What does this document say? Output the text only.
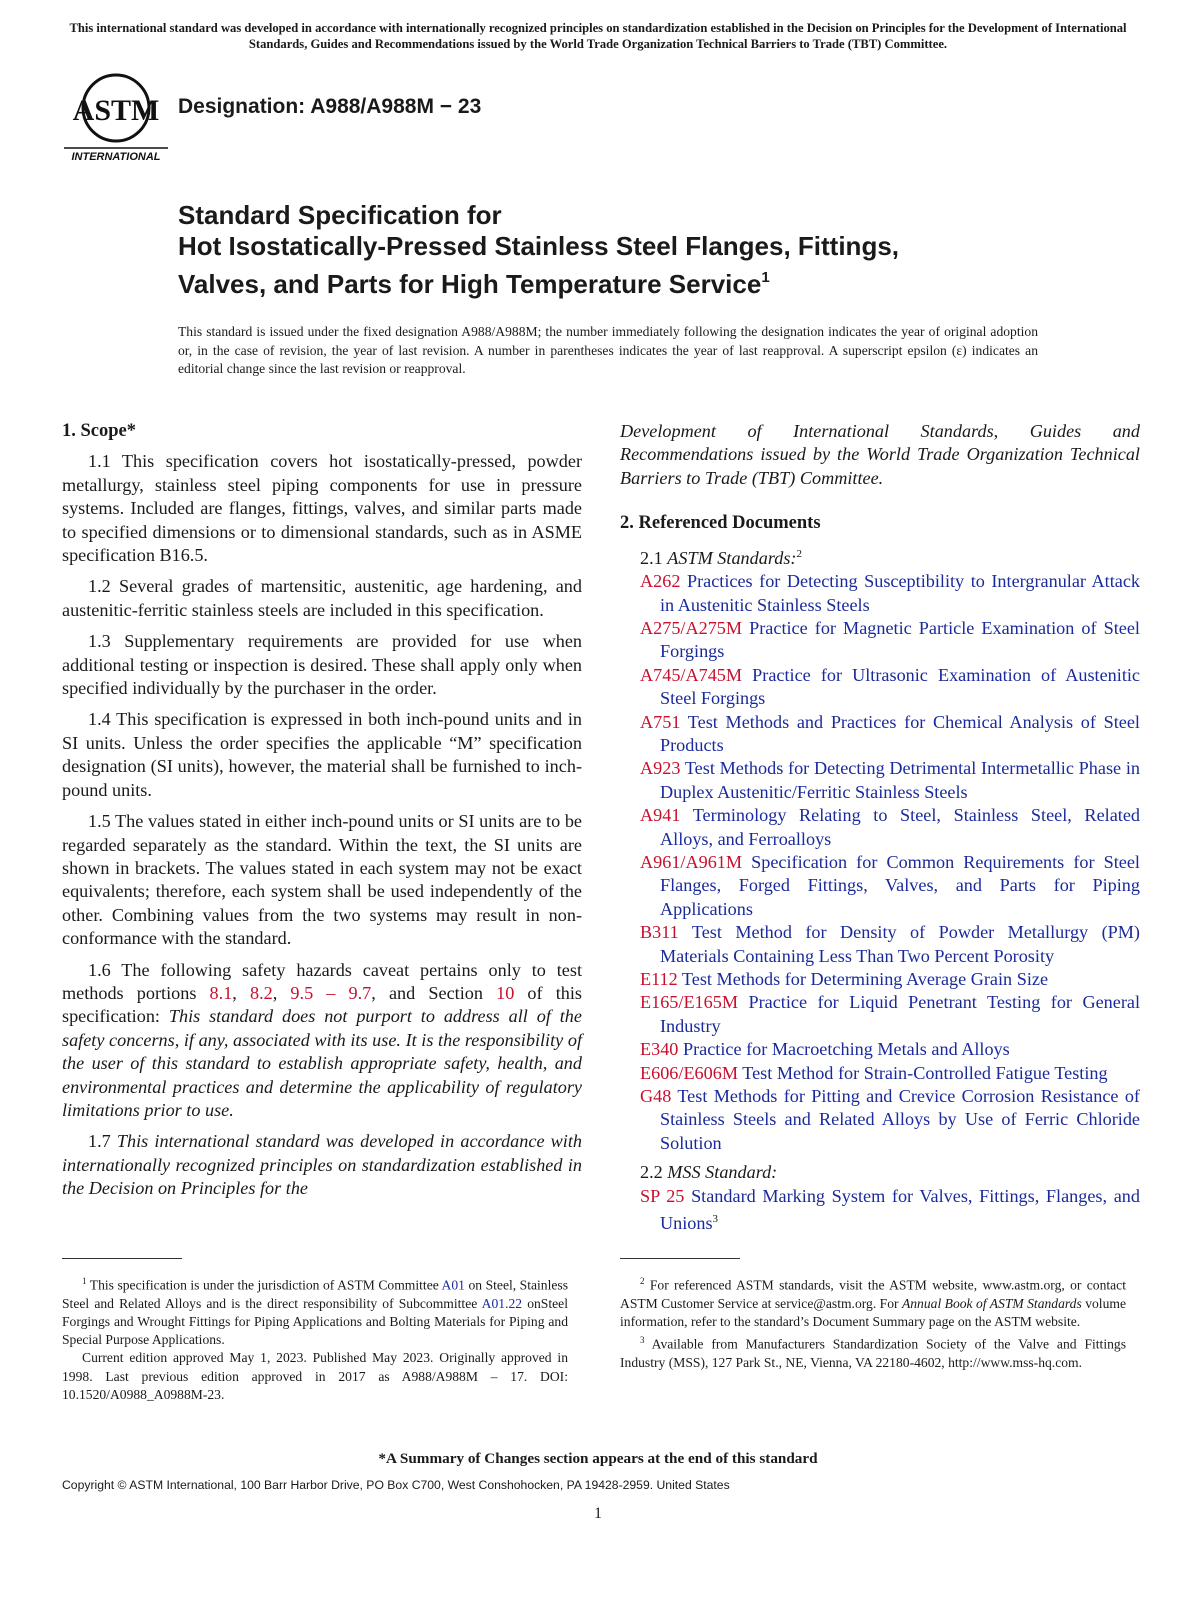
This international standard was developed in accordance with internationally recognized principles on standardization established in the Decision on Principles for the Development of International Standards, Guides and Recommendations issued by the World Trade Organization Technical Barriers to Trade (TBT) Committee.
ASTM
INTERNATIONAL
Designation: A988/A988M − 23
Standard Specification for
Hot Isostatically-Pressed Stainless Steel Flanges, Fittings,
Valves, and Parts for High Temperature Service$^1$
This standard is issued under the fixed designation A988/A988M; the number immediately following the designation indicates the year of original adoption or, in the case of revision, the year of last revision. A number in parentheses indicates the year of last reapproval. A superscript epsilon (ε) indicates an editorial change since the last revision or reapproval.
1. Scope*

1.1 This specification covers hot isostatically-pressed, powder metallurgy, stainless steel piping components for use in pressure systems. Included are flanges, fittings, valves, and similar parts made to specified dimensions or to dimensional standards, such as in ASME specification B16.5.

1.2 Several grades of martensitic, austenitic, age hardening, and austenitic-ferritic stainless steels are included in this specification.

1.3 Supplementary requirements are provided for use when additional testing or inspection is desired. These shall apply only when specified individually by the purchaser in the order.

1.4 This specification is expressed in both inch-pound units and in SI units. Unless the order specifies the applicable “M” specification designation (SI units), however, the material shall be furnished to inch-pound units.

1.5 The values stated in either inch-pound units or SI units are to be regarded separately as the standard. Within the text, the SI units are shown in brackets. The values stated in each system may not be exact equivalents; therefore, each system shall be used independently of the other. Combining values from the two systems may result in non-conformance with the standard.

1.6 The following safety hazards caveat pertains only to test methods portions 8.1, 8.2, 9.5 – 9.7, and Section 10 of this specification: This standard does not purport to address all of the safety concerns, if any, associated with its use. It is the responsibility of the user of this standard to establish appropriate safety, health, and environmental practices and determine the applicability of regulatory limitations prior to use.

1.7 This international standard was developed in accordance with internationally recognized principles on standardization established in the Decision on Principles for the

Development of International Standards, Guides and Recommendations issued by the World Trade Organization Technical Barriers to Trade (TBT) Committee.
2. Referenced Documents
2.1 ASTM Standards:$^2$
A262 Practices for Detecting Susceptibility to Intergranular Attack in Austenitic Stainless Steels
A275/A275M Practice for Magnetic Particle Examination of Steel Forgings
A745/A745M Practice for Ultrasonic Examination of Austenitic Steel Forgings
A751 Test Methods and Practices for Chemical Analysis of Steel Products
A923 Test Methods for Detecting Detrimental Intermetallic Phase in Duplex Austenitic/Ferritic Stainless Steels
A941 Terminology Relating to Steel, Stainless Steel, Related Alloys, and Ferroalloys
A961/A961M Specification for Common Requirements for Steel Flanges, Forged Fittings, Valves, and Parts for Piping Applications
B311 Test Method for Density of Powder Metallurgy (PM) Materials Containing Less Than Two Percent Porosity
E112 Test Methods for Determining Average Grain Size
E165/E165M Practice for Liquid Penetrant Testing for General Industry
E340 Practice for Macroetching Metals and Alloys
E606/E606M Test Method for Strain-Controlled Fatigue Testing
G48 Test Methods for Pitting and Crevice Corrosion Resistance of Stainless Steels and Related Alloys by Use of Ferric Chloride Solution
2.2 MSS Standard:
SP 25 Standard Marking System for Valves, Fittings, Flanges, and Unions$^3$

$^1$ This specification is under the jurisdiction of ASTM Committee A01 on Steel, Stainless Steel and Related Alloys and is the direct responsibility of Subcommittee A01.22 onSteel Forgings and Wrought Fittings for Piping Applications and Bolting Materials for Piping and Special Purpose Applications.

Current edition approved May 1, 2023. Published May 2023. Originally approved in 1998. Last previous edition approved in 2017 as A988/A988M – 17. DOI: 10.1520/A0988_A0988M-23.

$^2$ For referenced ASTM standards, visit the ASTM website, www.astm.org, or contact ASTM Customer Service at service@astm.org. For Annual Book of ASTM Standards volume information, refer to the standard’s Document Summary page on the ASTM website.

$^3$ Available from Manufacturers Standardization Society of the Valve and Fittings Industry (MSS), 127 Park St., NE, Vienna, VA 22180-4602, http://www.mss-hq.com.

*A Summary of Changes section appears at the end of this standard
Copyright © ASTM International, 100 Barr Harbor Drive, PO Box C700, West Conshohocken, PA 19428-2959. United States
1
